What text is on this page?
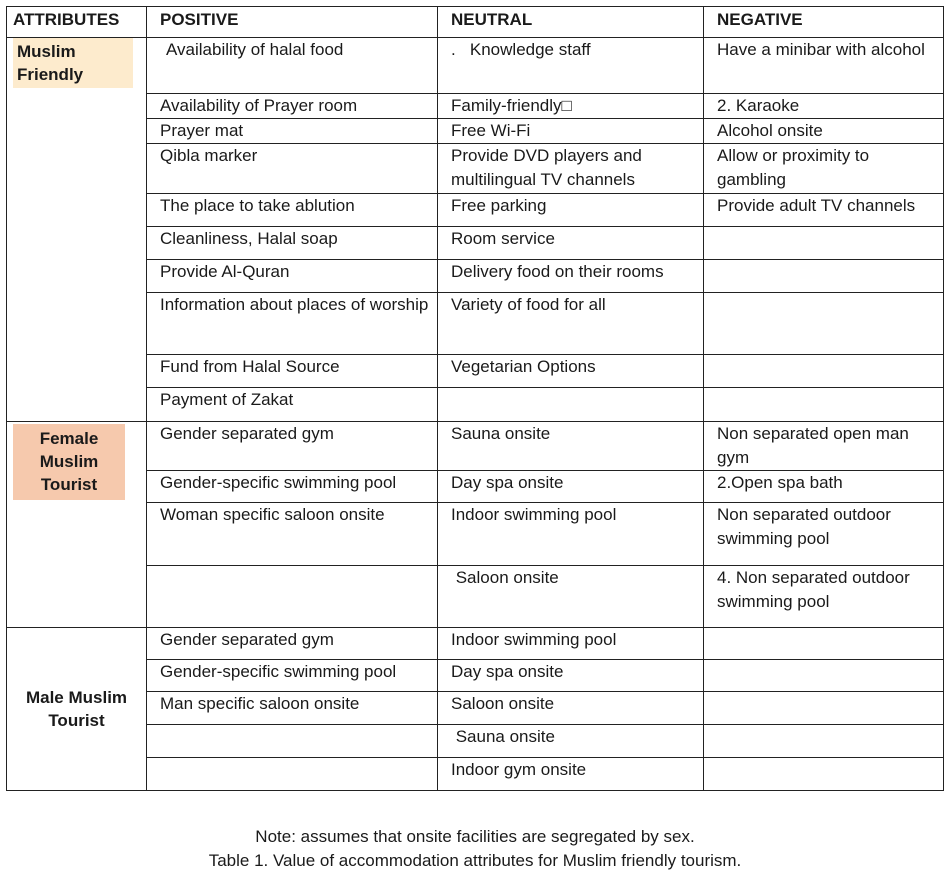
ATTRIBUTES	POSITIVE	NEUTRAL	NEGATIVE
Muslim Friendly	Availability of halal food	.   Knowledge staff	Have a minibar with alcohol
	Availability of Prayer room	Family-friendly□	2. Karaoke
	Prayer mat	Free Wi-Fi	Alcohol onsite
	Qibla marker	Provide DVD players and multilingual TV channels	Allow or proximity to gambling
	The place to take ablution	Free parking	Provide adult TV channels
	Cleanliness, Halal soap	Room service	
	Provide Al-Quran	Delivery food on their rooms	
	Information about places of worship	Variety of food for all	
	Fund from Halal Source	Vegetarian Options	
	Payment of Zakat		
Female Muslim Tourist	Gender separated gym	Sauna onsite	Non separated open man gym
	Gender-specific swimming pool	Day spa onsite	2.Open spa bath
	Woman specific saloon onsite	Indoor swimming pool	Non separated outdoor swimming pool
		Saloon onsite	4. Non separated outdoor swimming pool
Male Muslim Tourist	Gender separated gym	Indoor swimming pool	
	Gender-specific swimming pool	Day spa onsite	
	Man specific saloon onsite	Saloon onsite	
		Sauna onsite	
		Indoor gym onsite	
Note: assumes that onsite facilities are segregated by sex.
Table 1. Value of accommodation attributes for Muslim friendly tourism.
